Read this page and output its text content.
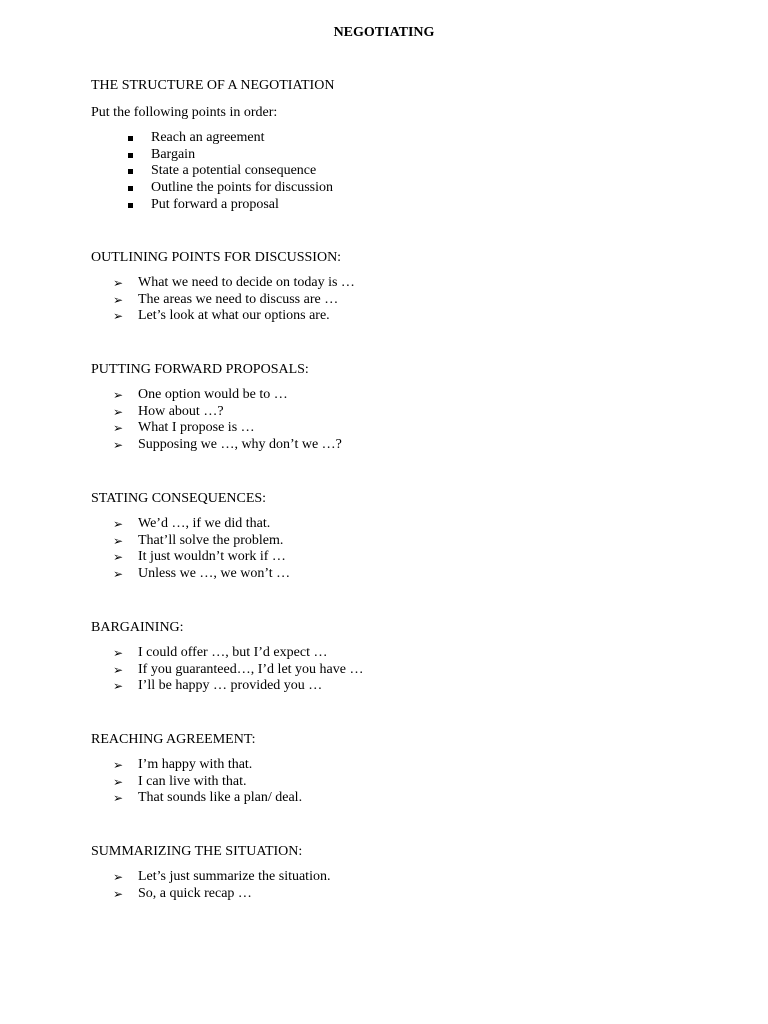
NEGOTIATING

THE STRUCTURE OF A NEGOTIATION

Put the following points in order:

Reach an agreement
Bargain
State a potential consequence
Outline the points for discussion
Put forward a proposal

OUTLINING POINTS FOR DISCUSSION:

➢ What we need to decide on today is …
➢ The areas we need to discuss are …
➢ Let’s look at what our options are.

PUTTING FORWARD PROPOSALS:

➢ One option would be to …
➢ How about …?
➢ What I propose is …
➢ Supposing we …, why don’t we …?

STATING CONSEQUENCES:

➢ We’d …, if we did that.
➢ That’ll solve the problem.
➢ It just wouldn’t work if …
➢ Unless we …, we won’t …

BARGAINING:

➢ I could offer …, but I’d expect …
➢ If you guaranteed…, I’d let you have …
➢ I’ll be happy … provided you …

REACHING AGREEMENT:

➢ I’m happy with that.
➢ I can live with that.
➢ That sounds like a plan/ deal.

SUMMARIZING THE SITUATION:

➢ Let’s just summarize the situation.
➢ So, a quick recap …
